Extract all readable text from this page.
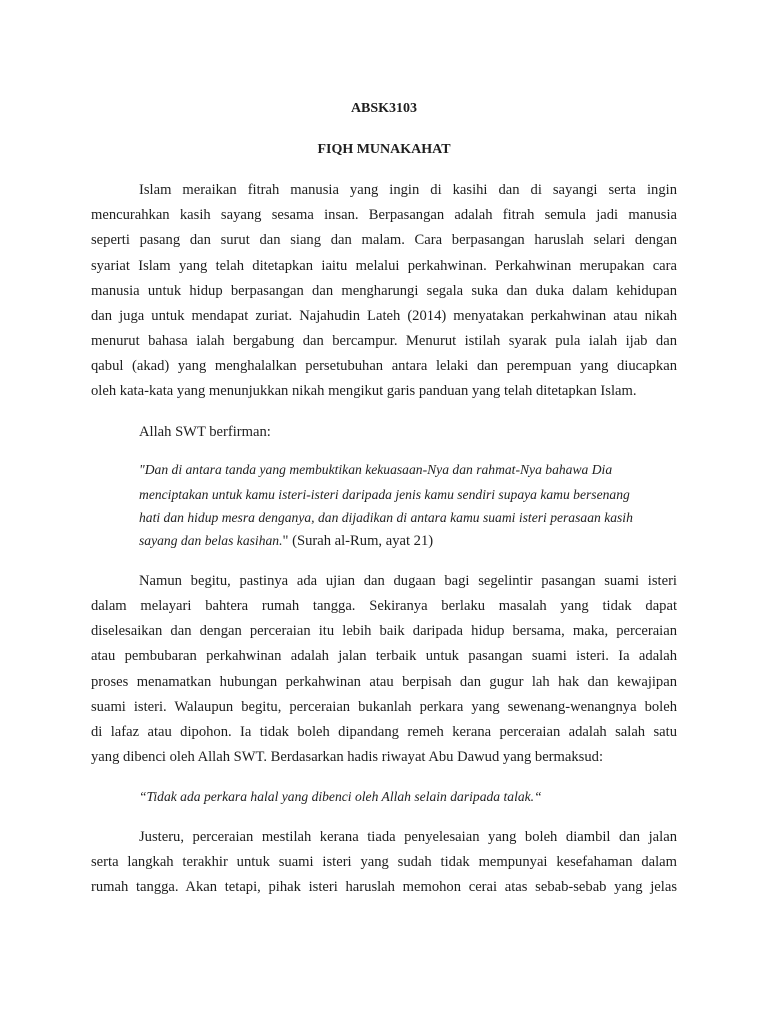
ABSK3103
FIQH MUNAKAHAT
Islam meraikan fitrah manusia yang ingin di kasihi dan di sayangi serta ingin
mencurahkan kasih sayang sesama insan. Berpasangan adalah fitrah semula jadi manusia
seperti pasang dan surut dan siang dan malam. Cara berpasangan haruslah selari dengan
syariat Islam yang telah ditetapkan iaitu melalui perkahwinan. Perkahwinan merupakan cara
manusia untuk hidup berpasangan dan mengharungi segala suka dan duka dalam kehidupan
dan juga untuk mendapat zuriat. Najahudin Lateh (2014) menyatakan perkahwinan atau nikah
menurut bahasa ialah bergabung dan bercampur. Menurut istilah syarak pula ialah ijab dan
qabul (akad) yang menghalalkan persetubuhan antara lelaki dan perempuan yang diucapkan
oleh kata-kata yang menunjukkan nikah mengikut garis panduan yang telah ditetapkan Islam.
Allah SWT berfirman:
"Dan di antara tanda yang membuktikan kekuasaan-Nya dan rahmat-Nya bahawa Dia
menciptakan untuk kamu isteri-isteri daripada jenis kamu sendiri supaya kamu bersenang
hati dan hidup mesra denganya, dan dijadikan di antara kamu suami isteri perasaan kasih
sayang dan belas kasihan." (Surah al-Rum, ayat 21)
Namun begitu, pastinya ada ujian dan dugaan bagi segelintir pasangan suami isteri
dalam melayari bahtera rumah tangga. Sekiranya berlaku masalah yang tidak dapat
diselesaikan dan dengan perceraian itu lebih baik daripada hidup bersama, maka, perceraian
atau pembubaran perkahwinan adalah jalan terbaik untuk pasangan suami isteri. Ia adalah
proses menamatkan hubungan perkahwinan atau berpisah dan gugur lah hak dan kewajipan
suami isteri. Walaupun begitu, perceraian bukanlah perkara yang sewenang-wenangnya boleh
di lafaz atau dipohon. Ia tidak boleh dipandang remeh kerana perceraian adalah salah satu
yang dibenci oleh Allah SWT. Berdasarkan hadis riwayat Abu Dawud yang bermaksud:
“Tidak ada perkara halal yang dibenci oleh Allah selain daripada talak.“
Justeru, perceraian mestilah kerana tiada penyelesaian yang boleh diambil dan jalan
serta langkah terakhir untuk suami isteri yang sudah tidak mempunyai kesefahaman dalam
rumah tangga. Akan tetapi, pihak isteri haruslah memohon cerai atas sebab-sebab yang jelas
